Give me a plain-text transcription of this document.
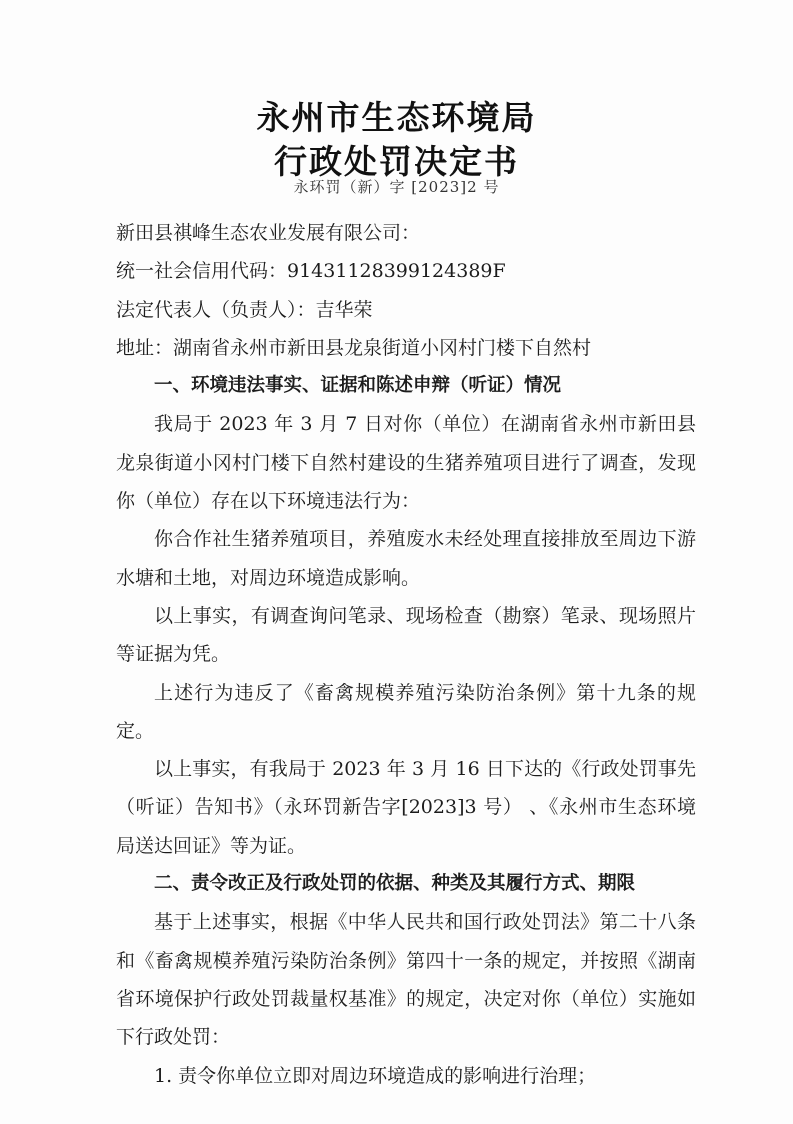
永州市生态环境局
行政处罚决定书
永环罚（新）字 [2023]2 号
新田县祺峰生态农业发展有限公司：
统一社会信用代码：91431128399124389F
法定代表人（负责人）：吉华荣
地址：湖南省永州市新田县龙泉街道小冈村门楼下自然村
一、环境违法事实、证据和陈述申辩（听证）情况

我局于 2023 年 3 月 7 日对你（单位）在湖南省永州市新田县龙泉街道小冈村门楼下自然村建设的生猪养殖项目进行了调查，发现你（单位）存在以下环境违法行为：

你合作社生猪养殖项目，养殖废水未经处理直接排放至周边下游水塘和土地，对周边环境造成影响。

以上事实，有调查询问笔录、现场检查（勘察）笔录、现场照片等证据为凭。

上述行为违反了《畜禽规模养殖污染防治条例》第十九条的规定。

以上事实，有我局于 2023 年 3 月 16 日下达的《行政处罚事先（听证）告知书》（永环罚新告字[2023]3 号） 、《永州市生态环境局送达回证》等为证。

二、责令改正及行政处罚的依据、种类及其履行方式、期限

基于上述事实，根据《中华人民共和国行政处罚法》第二十八条和《畜禽规模养殖污染防治条例》第四十一条的规定，并按照《湖南省环境保护行政处罚裁量权基准》的规定，决定对你（单位）实施如下行政处罚：

1. 责令你单位立即对周边环境造成的影响进行治理；
